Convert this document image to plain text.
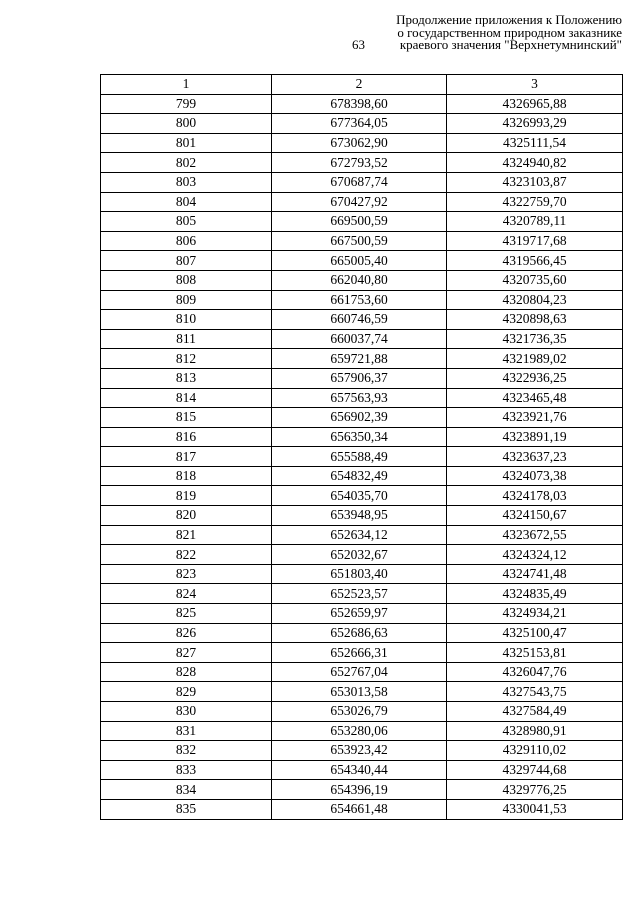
63
Продолжение приложения к Положению
о государственном природном заказнике
краевого значения "Верхнетумнинский"
1	2	3
799	678398,60	4326965,88
800	677364,05	4326993,29
801	673062,90	4325111,54
802	672793,52	4324940,82
803	670687,74	4323103,87
804	670427,92	4322759,70
805	669500,59	4320789,11
806	667500,59	4319717,68
807	665005,40	4319566,45
808	662040,80	4320735,60
809	661753,60	4320804,23
810	660746,59	4320898,63
811	660037,74	4321736,35
812	659721,88	4321989,02
813	657906,37	4322936,25
814	657563,93	4323465,48
815	656902,39	4323921,76
816	656350,34	4323891,19
817	655588,49	4323637,23
818	654832,49	4324073,38
819	654035,70	4324178,03
820	653948,95	4324150,67
821	652634,12	4323672,55
822	652032,67	4324324,12
823	651803,40	4324741,48
824	652523,57	4324835,49
825	652659,97	4324934,21
826	652686,63	4325100,47
827	652666,31	4325153,81
828	652767,04	4326047,76
829	653013,58	4327543,75
830	653026,79	4327584,49
831	653280,06	4328980,91
832	653923,42	4329110,02
833	654340,44	4329744,68
834	654396,19	4329776,25
835	654661,48	4330041,53
